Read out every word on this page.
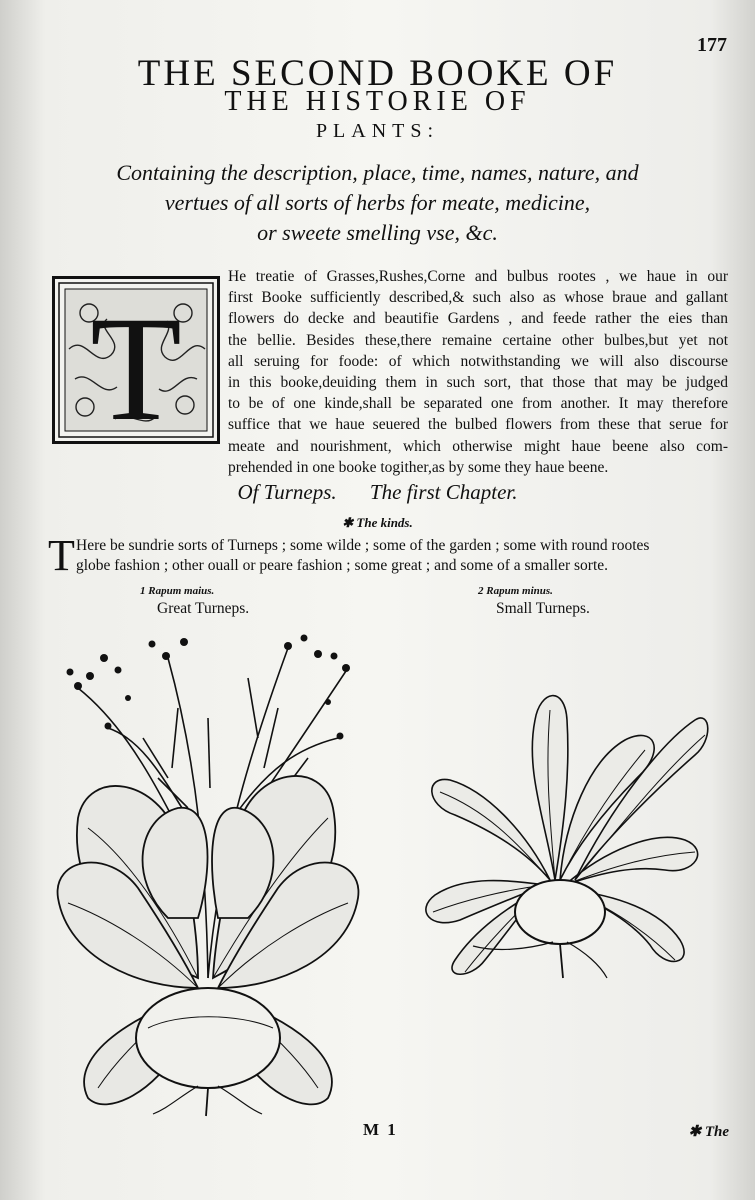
177
THE SECOND BOOKE OF
THE HISTORIE OF
PLANTS:
Containing the description, place, time, names, nature, and
vertues of all sorts of herbs for meate, medicine,
or sweete smelling vse, &c.
T
He treatie of Grasses,Rushes,Corne and bulbus rootes , we haue in our
first Booke sufficiently described,& such also as whose braue and gallant
flowers do decke and beautifie Gardens , and feede rather the eies than
the bellie. Besides these,there remaine certaine other bulbes,but yet not
all seruing for foode: of which notwithstanding we will also discourse
in this booke,deuiding them in such sort, that those that may be judged
to be of one kinde,shall be separated one from another. It may therefore
suffice that we haue seuered the bulbed flowers from these that serue for
meate and nourishment, which otherwise might haue beene also com-
prehended in one booke togither,as by some they haue beene.
Of Turneps. The first Chapter.
✱ The kinds.
T Here be sundrie sorts of Turneps ; some wilde ; some of the garden ; some with round rootes
globe fashion ; other ouall or peare fashion ; some great ; and some of a smaller sorte.
1 Rapum maius.
Great Turneps.
2 Rapum minus.
Small Turneps.
M 1	✱ The
